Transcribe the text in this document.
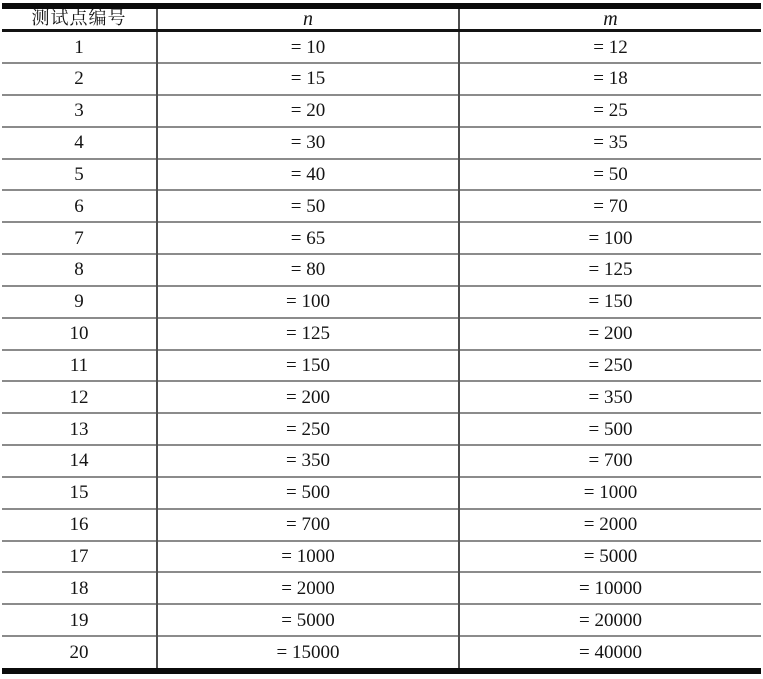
测试点编号	n	m
1	= 10	= 12
2	= 15	= 18
3	= 20	= 25
4	= 30	= 35
5	= 40	= 50
6	= 50	= 70
7	= 65	= 100
8	= 80	= 125
9	= 100	= 150
10	= 125	= 200
11	= 150	= 250
12	= 200	= 350
13	= 250	= 500
14	= 350	= 700
15	= 500	= 1000
16	= 700	= 2000
17	= 1000	= 5000
18	= 2000	= 10000
19	= 5000	= 20000
20	= 15000	= 40000
